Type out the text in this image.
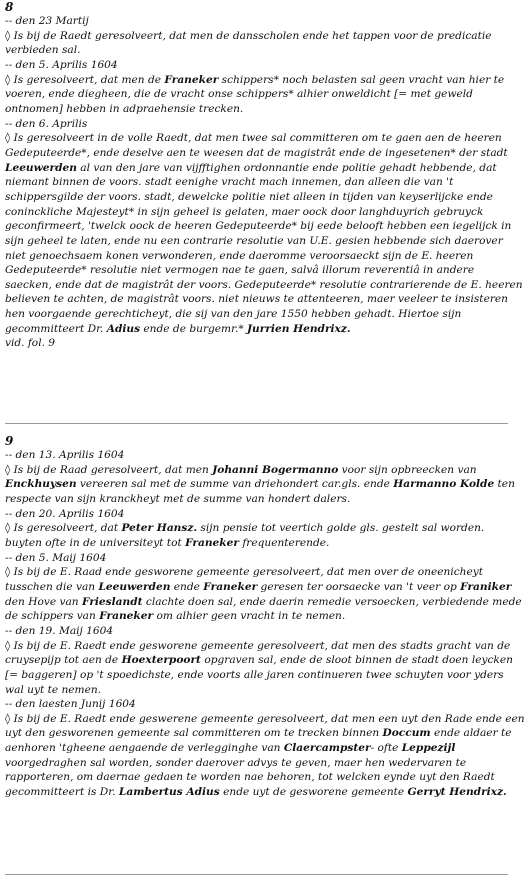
8
-- den 23 Martij
◊ Is bij de Raedt geresolveert, dat men de dansscholen ende het tappen voor de predicatie
verbieden sal.
-- den 5. Aprilis 1604
◊ Is geresolveert, dat men de Franeker schippers* noch belasten sal geen vracht van hier te
voeren, ende diegheen, die de vracht onse schippers* alhier onweldicht [= met geweld
ontnomen] hebben in adpraehensie trecken.
-- den 6. Aprilis
◊ Is geresolveert in de volle Raedt, dat men twee sal committeren om te gaen aen de heeren
Gedeputeerde*, ende deselve aen te weesen dat de magistrât ende de ingesetenen* der stadt
Leeuwerden al van den jare van vijfftighen ordonnantie ende politie gehadt hebbende, dat
niemant binnen de voors. stadt eenighe vracht mach innemen, dan alleen die van 't
schippersgilde der voors. stadt, dewelcke politie niet alleen in tijden van keyserlijcke ende
coninckliche Majesteyt* in sijn geheel is gelaten, maer oock door langhduyrich gebruyck
geconfirmeert, 'twelck oock de heeren Gedeputeerde* bij eede belooft hebben een iegelijck in
sijn geheel te laten, ende nu een contrarie resolutie van U.E. gesien hebbende sich daerover
niet genoechsaem konen verwonderen, ende daeromme veroorsaeckt sijn de E. heeren
Gedeputeerde* resolutie niet vermogen nae te gaen, salvâ illorum reverentiâ in andere
saecken, ende dat de magistrât der voors. Gedeputeerde* resolutie contrarierende de E. heeren
believen te achten, de magistrât voors. niet nieuws te attenteeren, maer veeleer te insisteren
hen voorgaende gerechticheyt, die sij van den jare 1550 hebben gehadt. Hiertoe sijn
gecommitteert Dr. Adius ende de burgemr.* Jurrien Hendrixz.
vid. fol. 9
9
-- den 13. Aprilis 1604
◊ Is bij de Raad geresolveert, dat men Johanni Bogermanno voor sijn opbreecken van
Enckhuysen vereeren sal met de summe van driehondert car.gls. ende Harmanno Kolde ten
respecte van sijn kranckheyt met de summe van hondert dalers.
-- den 20. Aprilis 1604
◊ Is geresolveert, dat Peter Hansz. sijn pensie tot veertich golde gls. gestelt sal worden.
buyten ofte in de universiteyt tot Franeker frequenterende.
-- den 5. Maij 1604
◊ Is bij de E. Raad ende gesworene gemeente geresolveert, dat men over de oneenicheyt
tusschen die van Leeuwerden ende Franeker geresen ter oorsaecke van 't veer op Franiker
den Hove van Frieslandt clachte doen sal, ende daerin remedie versoecken, verbiedende mede
de schippers van Franeker om alhier geen vracht in te nemen.
-- den 19. Maij 1604
◊ Is bij de E. Raedt ende gesworene gemeente geresolveert, dat men des stadts gracht van de
cruysepijp tot aen de Hoexterpoort opgraven sal, ende de sloot binnen de stadt doen leycken
[= baggeren] op 't spoedichste, ende voorts alle jaren continueren twee schuyten voor yders
wal uyt te nemen.
-- den laesten Junij 1604
◊ Is bij de E. Raedt ende geswerene gemeente geresolveert, dat men een uyt den Rade ende een
uyt den gesworenen gemeente sal committeren om te trecken binnen Doccum ende aldaer te
aenhoren 'tgheene aengaende de verlegginghe van Claercampster- ofte Leppezijl
voorgedraghen sal worden, sonder daerover advys te geven, maer hen wedervaren te
rapporteren, om daernae gedaen te worden nae behoren, tot welcken eynde uyt den Raedt
gecommitteert is Dr. Lambertus Adius ende uyt de gesworene gemeente Gerryt Hendrixz.
